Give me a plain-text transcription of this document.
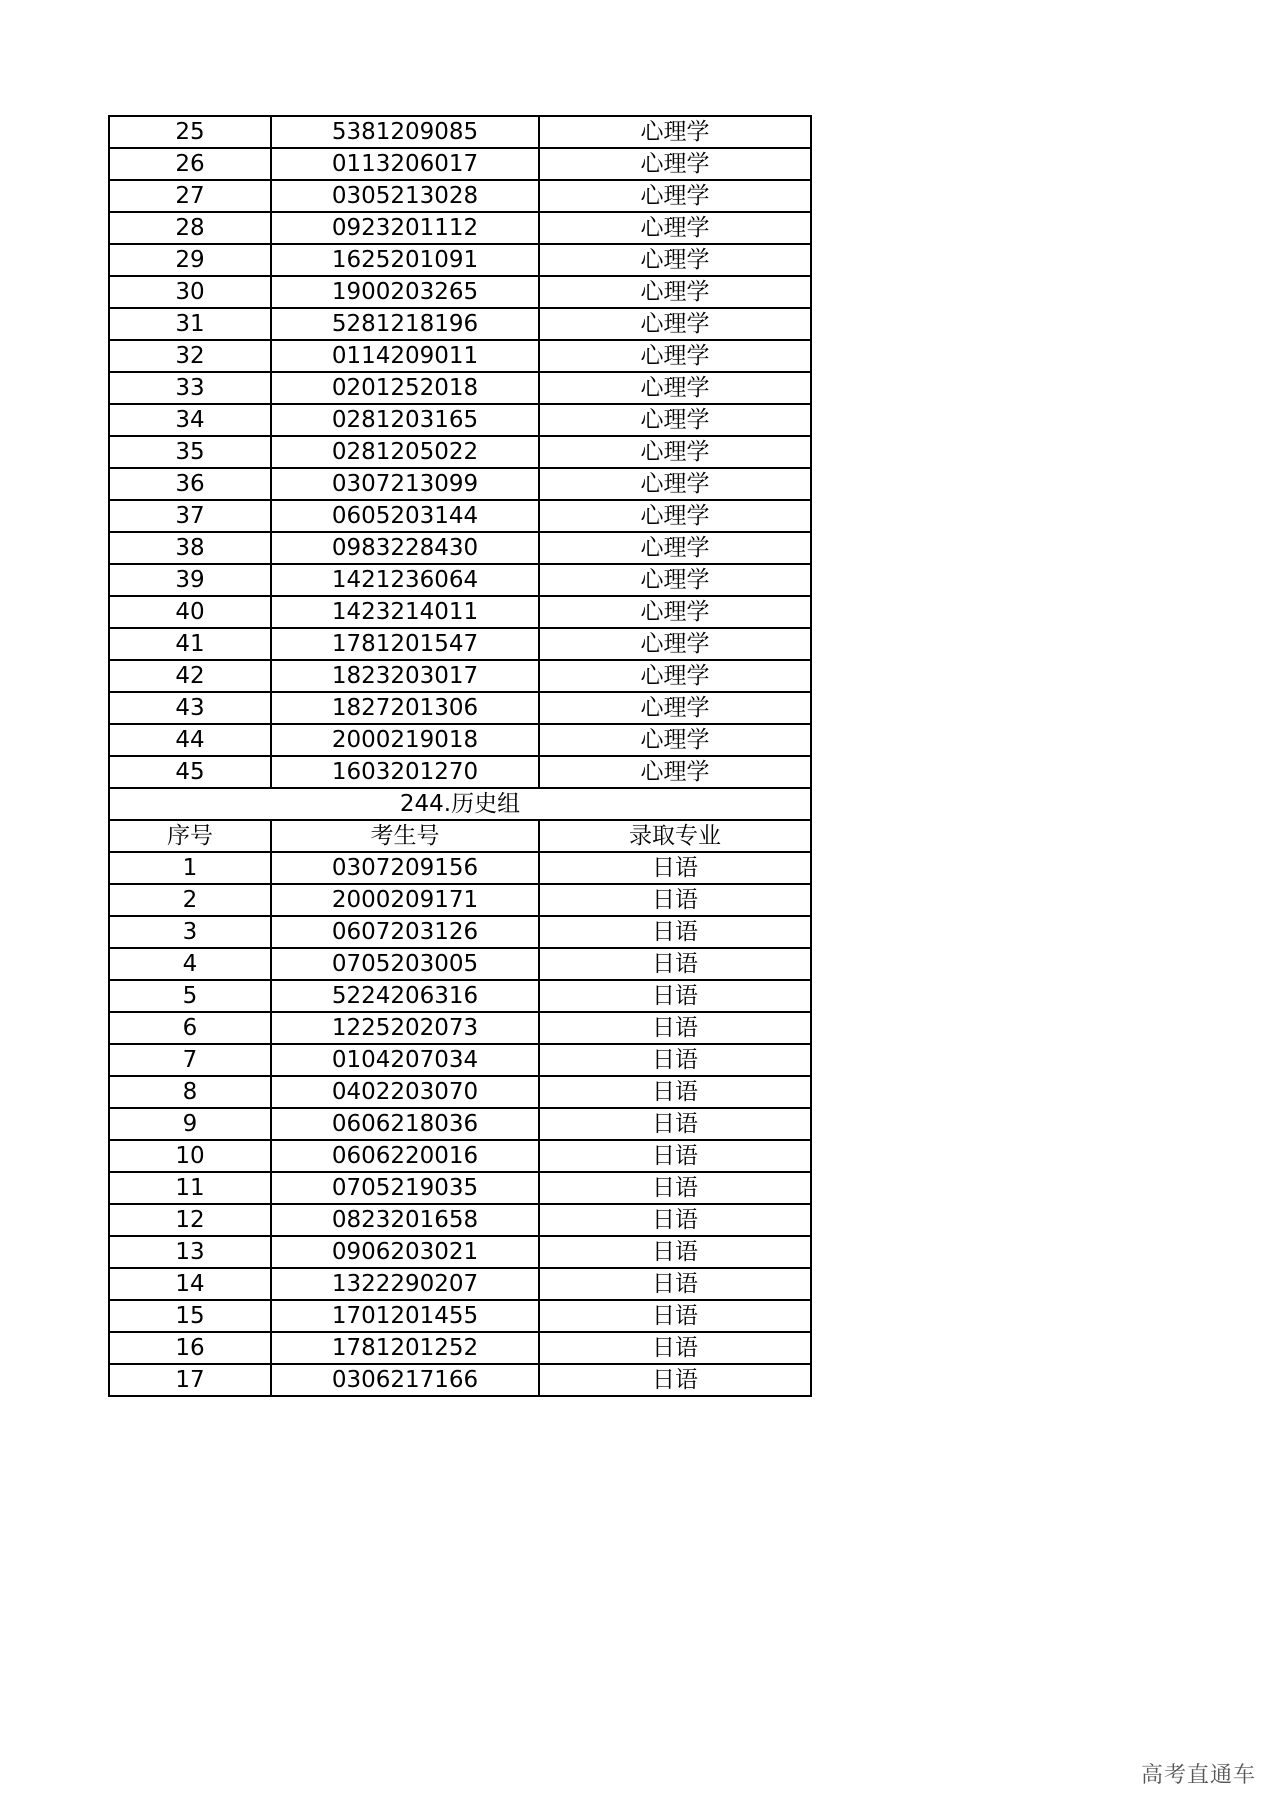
25	5381209085	心理学
26	0113206017	心理学
27	0305213028	心理学
28	0923201112	心理学
29	1625201091	心理学
30	1900203265	心理学
31	5281218196	心理学
32	0114209011	心理学
33	0201252018	心理学
34	0281203165	心理学
35	0281205022	心理学
36	0307213099	心理学
37	0605203144	心理学
38	0983228430	心理学
39	1421236064	心理学
40	1423214011	心理学
41	1781201547	心理学
42	1823203017	心理学
43	1827201306	心理学
44	2000219018	心理学
45	1603201270	心理学
244.历史组		
序号	考生号	录取专业
1	0307209156	日语
2	2000209171	日语
3	0607203126	日语
4	0705203005	日语
5	5224206316	日语
6	1225202073	日语
7	0104207034	日语
8	0402203070	日语
9	0606218036	日语
10	0606220016	日语
11	0705219035	日语
12	0823201658	日语
13	0906203021	日语
14	1322290207	日语
15	1701201455	日语
16	1781201252	日语
17	0306217166	日语
高考直通车
